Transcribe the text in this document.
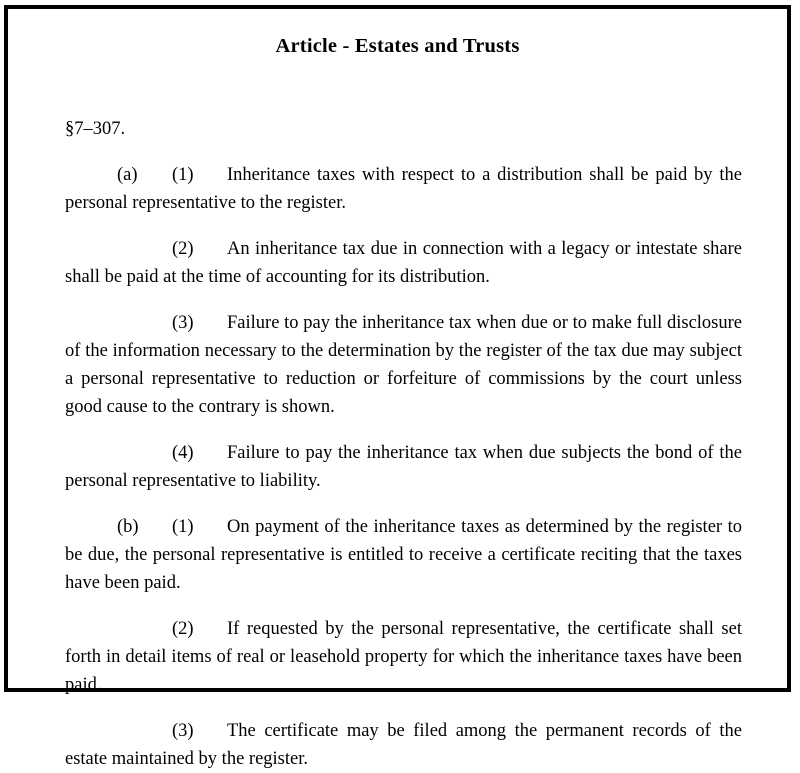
Article - Estates and Trusts
§7–307.
(a) (1) Inheritance taxes with respect to a distribution shall be paid by the personal representative to the register.
(2) An inheritance tax due in connection with a legacy or intestate share shall be paid at the time of accounting for its distribution.
(3) Failure to pay the inheritance tax when due or to make full disclosure of the information necessary to the determination by the register of the tax due may subject a personal representative to reduction or forfeiture of commissions by the court unless good cause to the contrary is shown.
(4) Failure to pay the inheritance tax when due subjects the bond of the personal representative to liability.
(b) (1) On payment of the inheritance taxes as determined by the register to be due, the personal representative is entitled to receive a certificate reciting that the taxes have been paid.
(2) If requested by the personal representative, the certificate shall set forth in detail items of real or leasehold property for which the inheritance taxes have been paid.
(3) The certificate may be filed among the permanent records of the estate maintained by the register.
